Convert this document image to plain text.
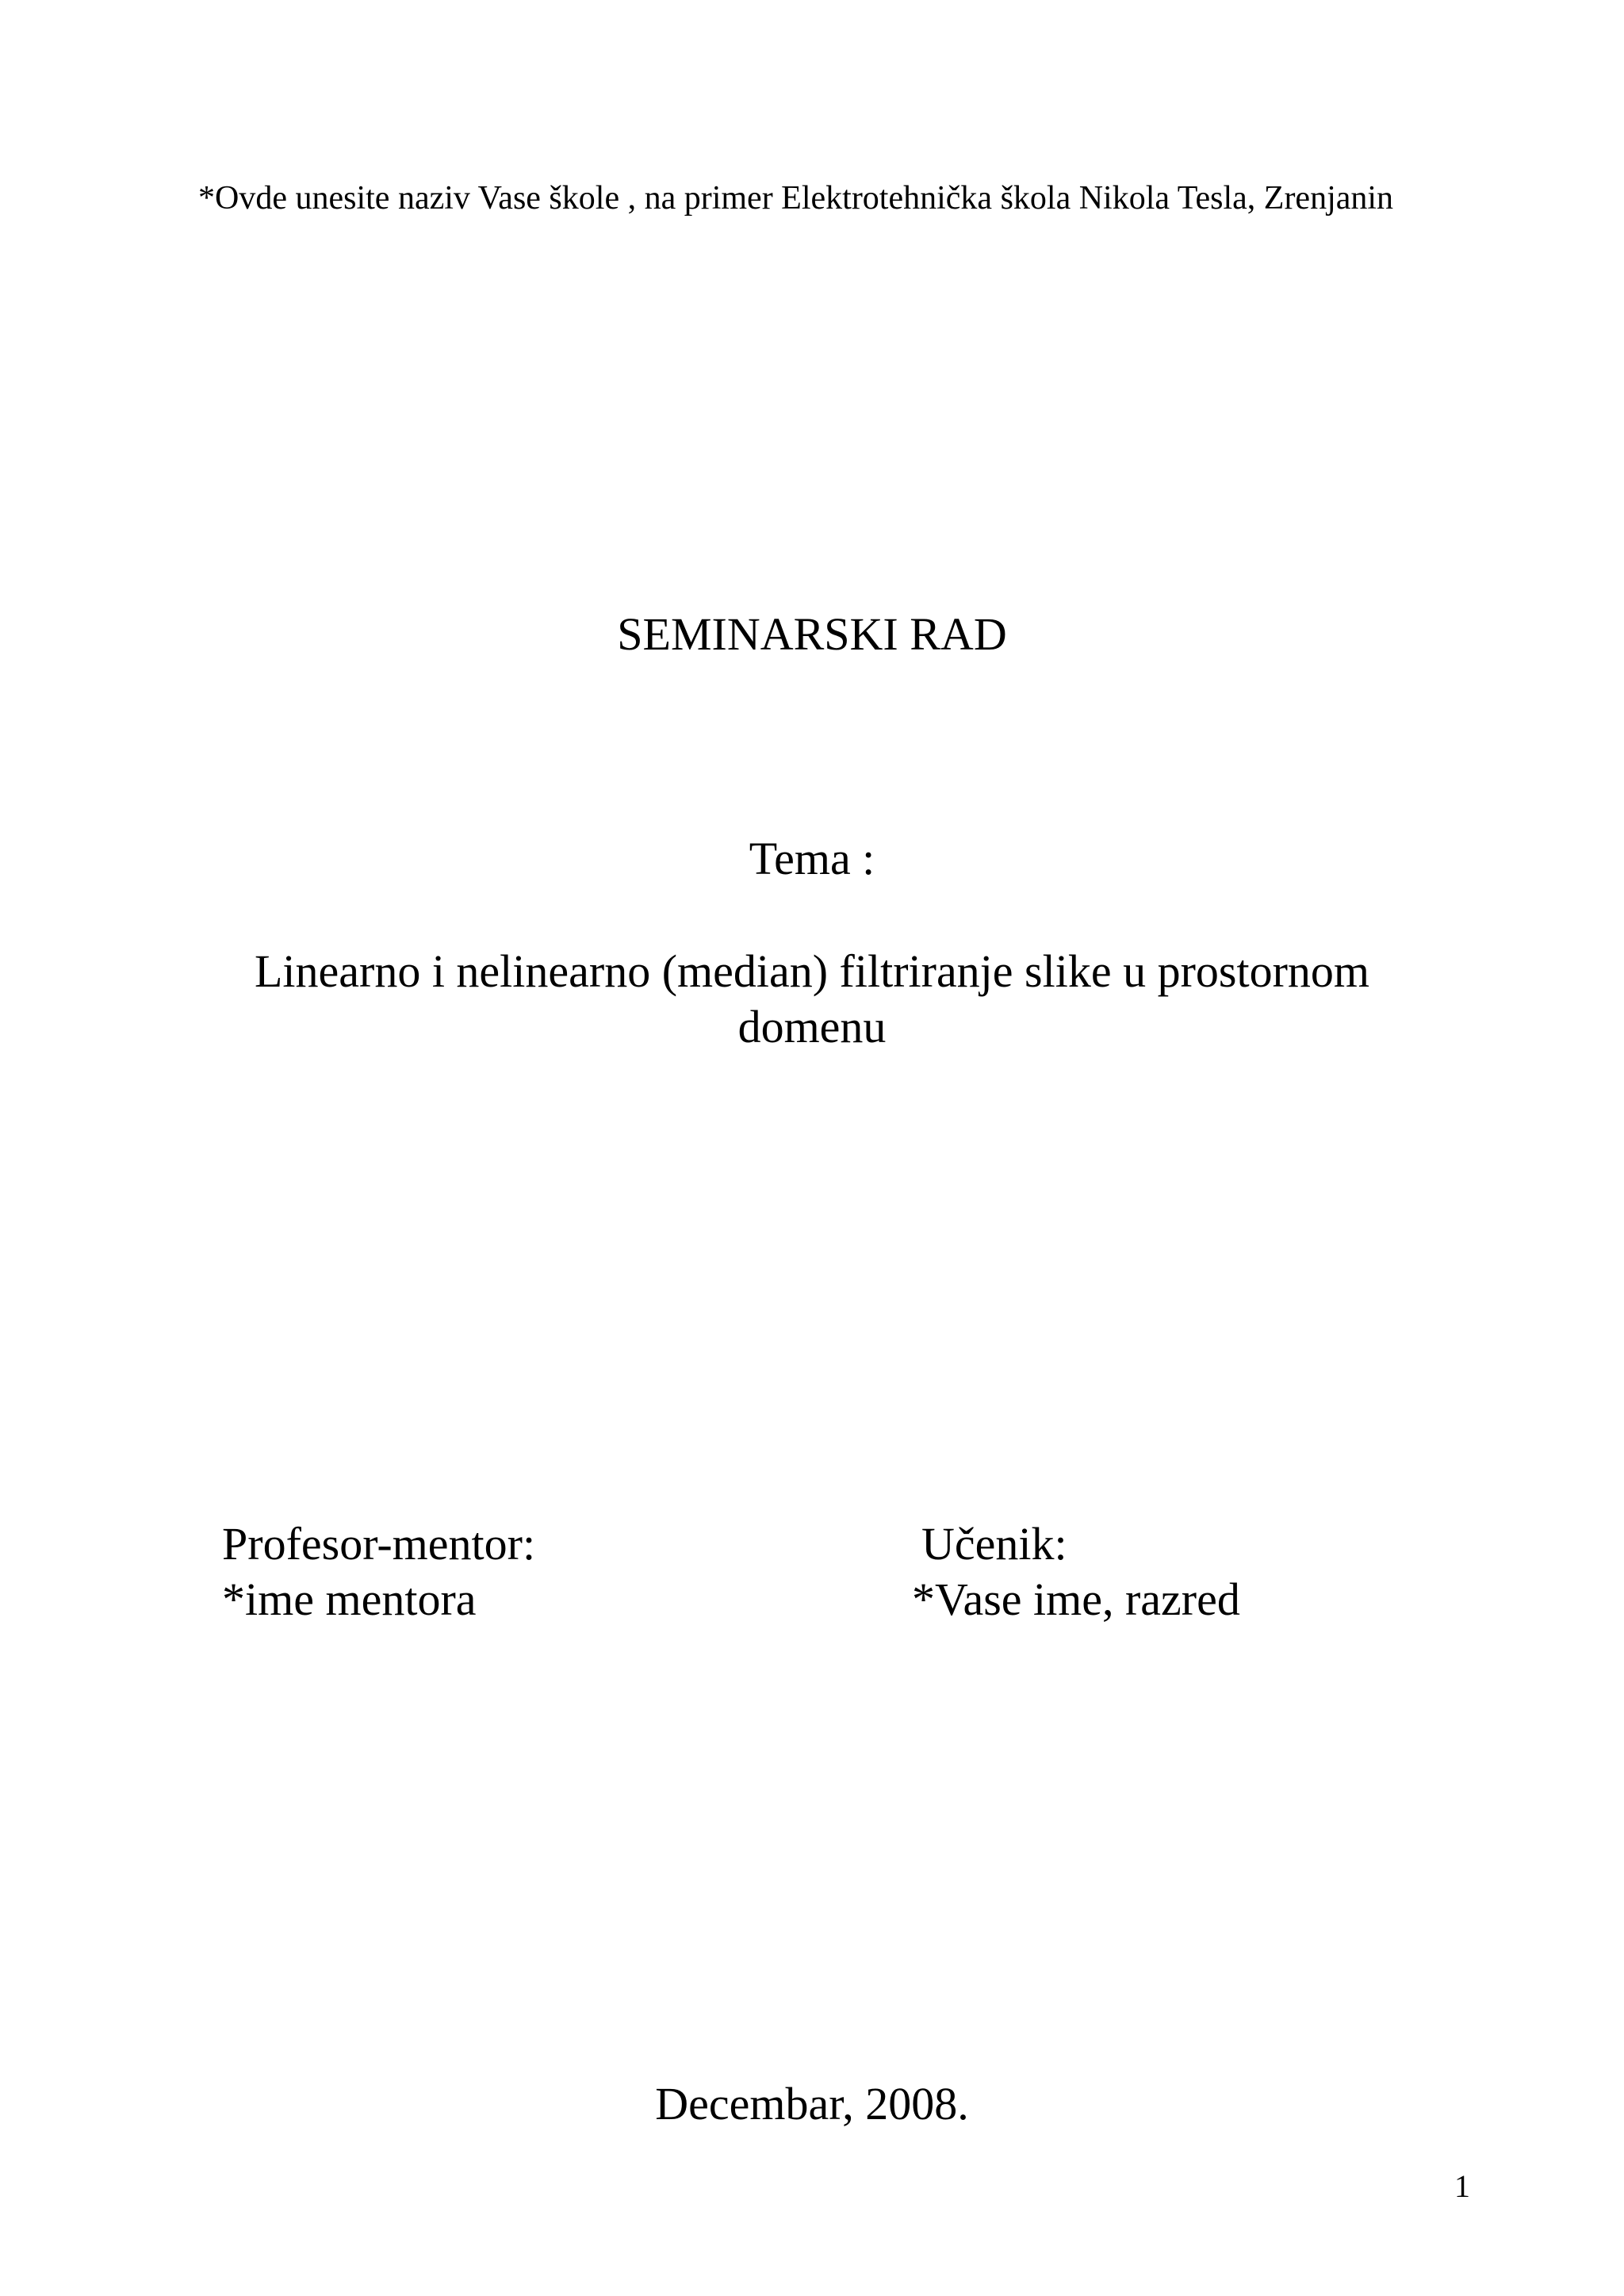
*Ovde unesite naziv Vase škole , na primer Elektrotehnička škola Nikola Tesla, Zrenjanin
SEMINARSKI RAD
Tema :
Linearno i nelinearno (median) filtriranje slike u prostornom domenu
Profesor-mentor:
*ime mentora
Učenik:
*Vase ime, razred
Decembar, 2008.
1
